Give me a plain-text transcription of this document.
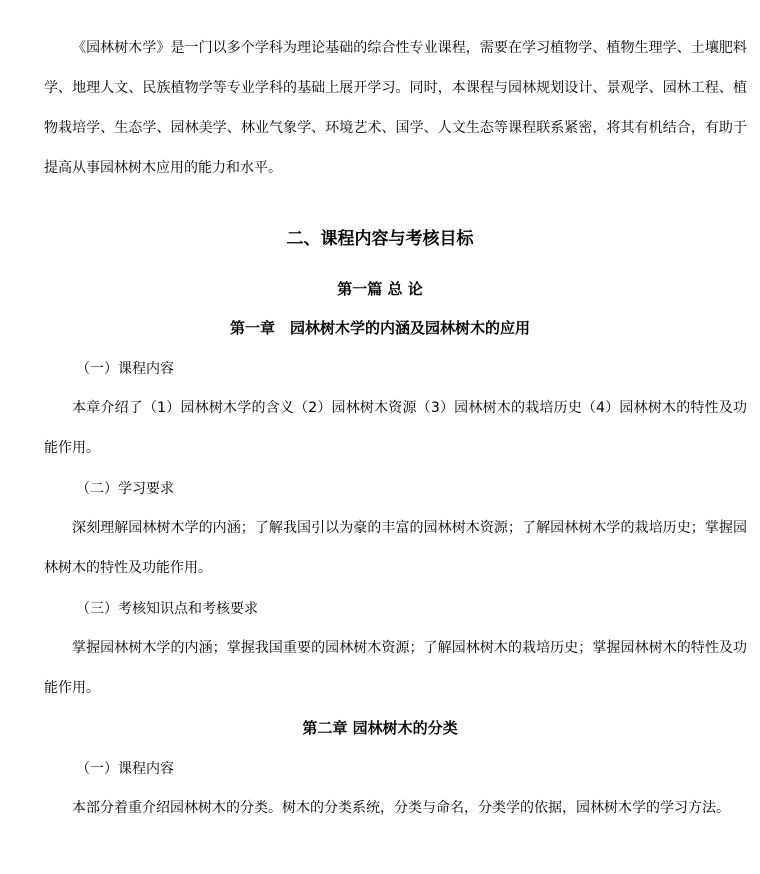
《园林树木学》是一门以多个学科为理论基础的综合性专业课程，需要在学习植物学、植物生理学、土壤肥料学、地理人文、民族植物学等专业学科的基础上展开学习。同时，本课程与园林规划设计、景观学、园林工程、植物栽培学、生态学、园林美学、林业气象学、环境艺术、国学、人文生态等课程联系紧密，将其有机结合，有助于提高从事园林树木应用的能力和水平。

二、课程内容与考核目标
第一篇 总 论
第一章　园林树木学的内涵及园林树木的应用

（一）课程内容

本章介绍了（1）园林树木学的含义（2）园林树木资源（3）园林树木的栽培历史（4）园林树木的特性及功能作用。

（二）学习要求

深刻理解园林树木学的内涵；了解我国引以为豪的丰富的园林树木资源；了解园林树木学的栽培历史；掌握园林树木的特性及功能作用。

（三）考核知识点和考核要求

掌握园林树木学的内涵；掌握我国重要的园林树木资源；了解园林树木的栽培历史；掌握园林树木的特性及功能作用。

第二章 园林树木的分类

（一）课程内容

本部分着重介绍园林树木的分类。树木的分类系统，分类与命名，分类学的依据，园林树木学的学习方法。
